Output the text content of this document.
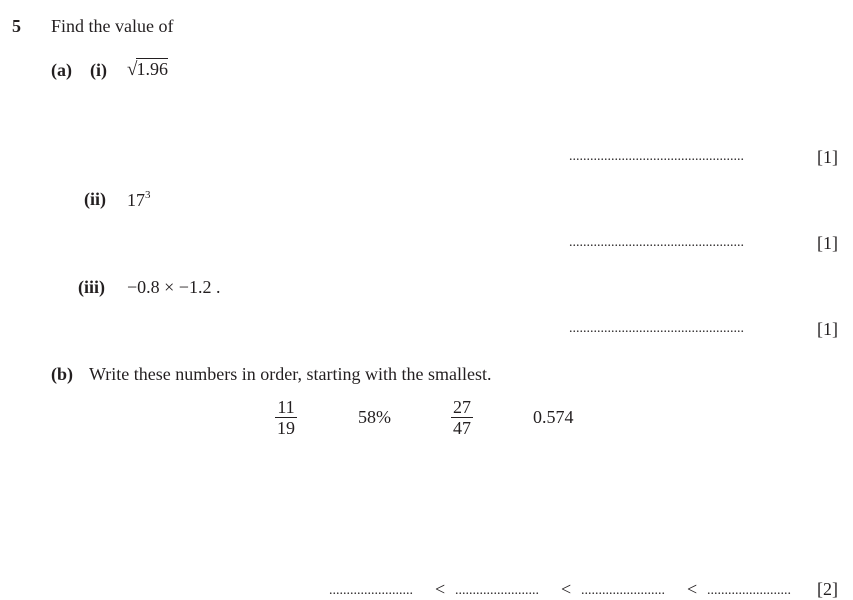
5 Find the value of
(a) (i) √1.96
..................................................	[1]
(ii) $17^3$
..................................................	[1]
(iii) −0.8 × −1.2 .
..................................................	[1]
(b) Write these numbers in order, starting with the smallest.
11
19
58%	27
47
0.574
........................ < ........................ < ........................ < ........................ [2]
